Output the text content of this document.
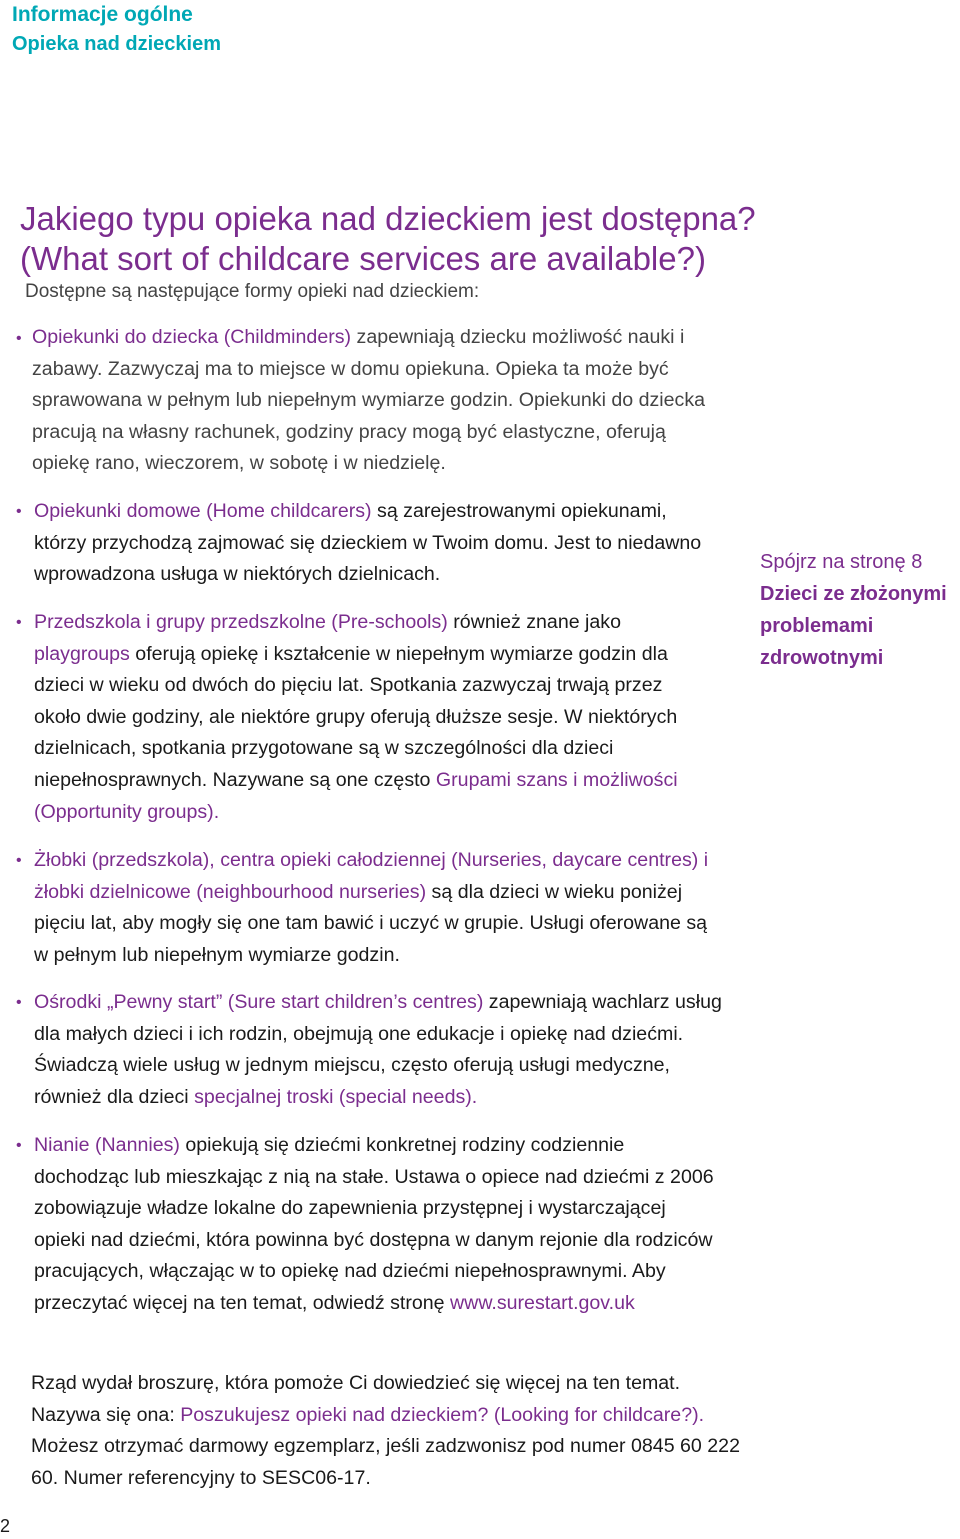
Informacje ogólne
Opieka nad dzieckiem
Jakiego typu opieka nad dzieckiem jest dostępna?
(What sort of childcare services are available?)
Dostępne są następujące formy opieki nad dzieckiem:
• Opiekunki do dziecka (Childminders) zapewniają dziecku możliwość nauki i zabawy. Zazwyczaj ma to miejsce w domu opiekuna. Opieka ta może być sprawowana w pełnym lub niepełnym wymiarze godzin. Opiekunki do dziecka pracują na własny rachunek, godziny pracy mogą być elastyczne, oferują opiekę rano, wieczorem, w sobotę i w niedzielę.
• Opiekunki domowe (Home childcarers) są zarejestrowanymi opiekunami, którzy przychodzą zajmować się dzieckiem w Twoim domu. Jest to niedawno wprowadzona usługa w niektórych dzielnicach.
• Przedszkola i grupy przedszkolne (Pre-schools) również znane jako playgroups oferują opiekę i kształcenie w niepełnym wymiarze godzin dla dzieci w wieku od dwóch do pięciu lat. Spotkania zazwyczaj trwają przez około dwie godziny, ale niektóre grupy oferują dłuższe sesje. W niektórych dzielnicach, spotkania przygotowane są w szczególności dla dzieci niepełnosprawnych. Nazywane są one często Grupami szans i możliwości (Opportunity groups).
• Żłobki (przedszkola), centra opieki całodziennej (Nurseries, daycare centres) i żłobki dzielnicowe (neighbourhood nurseries) są dla dzieci w wieku poniżej pięciu lat, aby mogły się one tam bawić i uczyć w grupie. Usługi oferowane są w pełnym lub niepełnym wymiarze godzin.
• Ośrodki „Pewny start” (Sure start children’s centres) zapewniają wachlarz usług dla małych dzieci i ich rodzin, obejmują one edukacje i opiekę nad dziećmi. Świadczą wiele usług w jednym miejscu, często oferują usługi medyczne, również dla dzieci specjalnej troski (special needs).
• Nianie (Nannies) opiekują się dziećmi konkretnej rodziny codziennie dochodząc lub mieszkając z nią na stałe. Ustawa o opiece nad dziećmi z 2006 zobowiązuje władze lokalne do zapewnienia przystępnej i wystarczającej opieki nad dziećmi, która powinna być dostępna w danym rejonie dla rodziców pracujących, włączając w to opiekę nad dziećmi niepełnosprawnymi. Aby przeczytać więcej na ten temat, odwiedź stronę www.surestart.gov.uk
Rząd wydał broszurę, która pomoże Ci dowiedzieć się więcej na ten temat. Nazywa się ona: Poszukujesz opieki nad dzieckiem? (Looking for childcare?). Możesz otrzymać darmowy egzemplarz, jeśli zadzwonisz pod numer 0845 60 222 60. Numer referencyjny to SESC06-17.
Spójrz na stronę 8
Dzieci ze złożonymi problemami zdrowotnymi
2
